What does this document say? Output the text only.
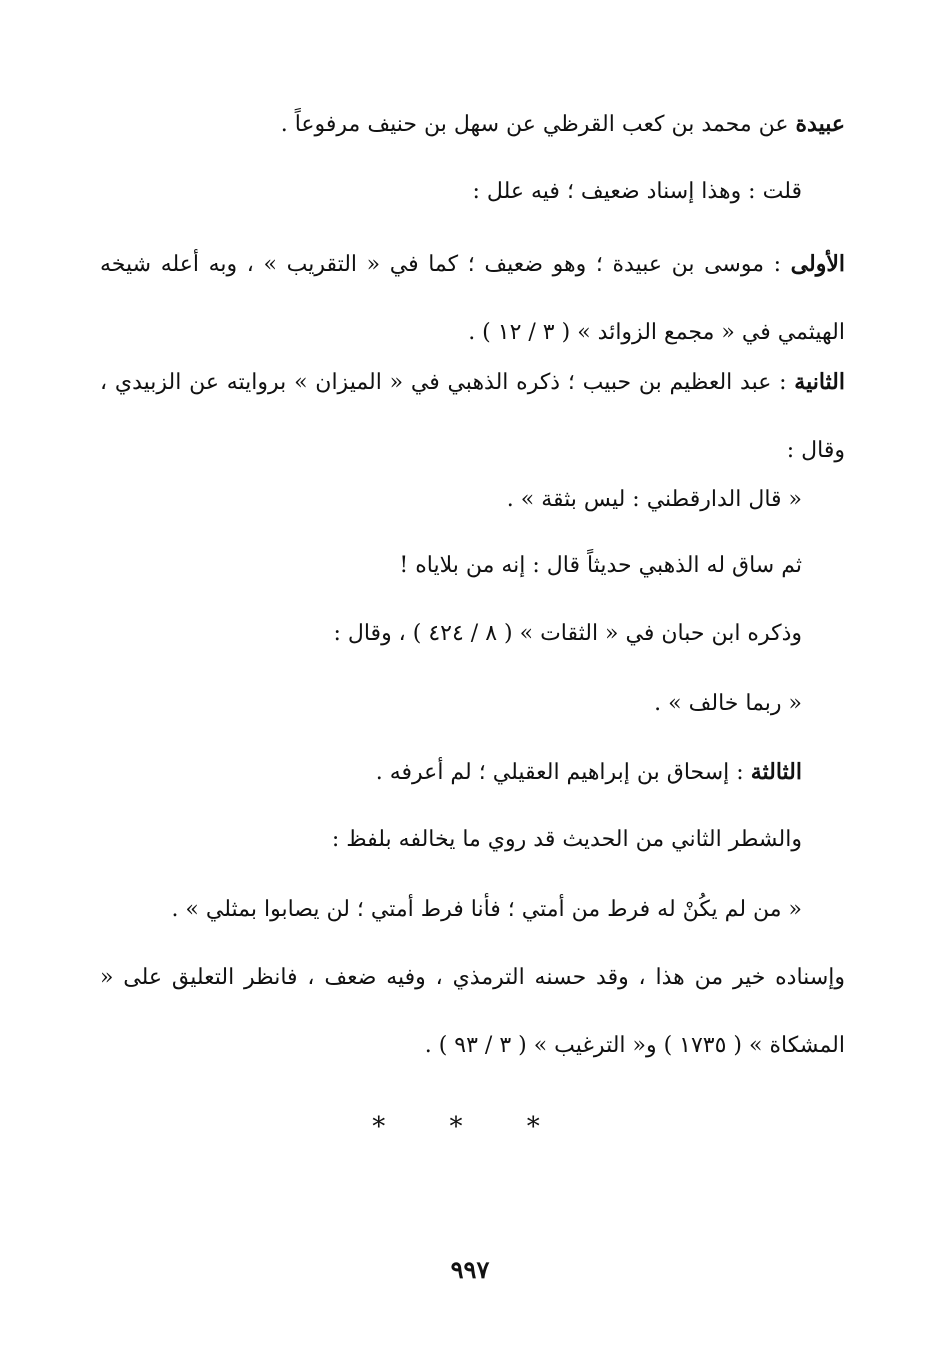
عبيدة عن محمد بن كعب القرظي عن سهل بن حنيف مرفوعاً .
قلت : وهذا إسناد ضعيف ؛ فيه علل :
الأولى : موسى بن عبيدة ؛ وهو ضعيف ؛ كما في « التقريب » ، وبه أعله شيخه الهيثمي في « مجمع الزوائد » ( ٣ / ١٢ ) .
الثانية : عبد العظيم بن حبيب ؛ ذكره الذهبي في « الميزان » بروايته عن الزبيدي ، وقال :
« قال الدارقطني : ليس بثقة » .
ثم ساق له الذهبي حديثاً قال : إنه من بلاياه !
وذكره ابن حبان في « الثقات » ( ٨ / ٤٢٤ ) ، وقال :
« ربما خالف » .
الثالثة : إسحاق بن إبراهيم العقيلي ؛ لم أعرفه .
والشطر الثاني من الحديث قد روي ما يخالفه بلفظ :
« من لم يكُنْ له فرط من أمتي ؛ فأنا فرط أمتي ؛ لن يصابوا بمثلي » .
وإسناده خير من هذا ، وقد حسنه الترمذي ، وفيه ضعف ، فانظر التعليق على « المشكاة » ( ١٧٣٥ ) و« الترغيب » ( ٣ / ٩٣ ) .
* * *
٩٩٧
